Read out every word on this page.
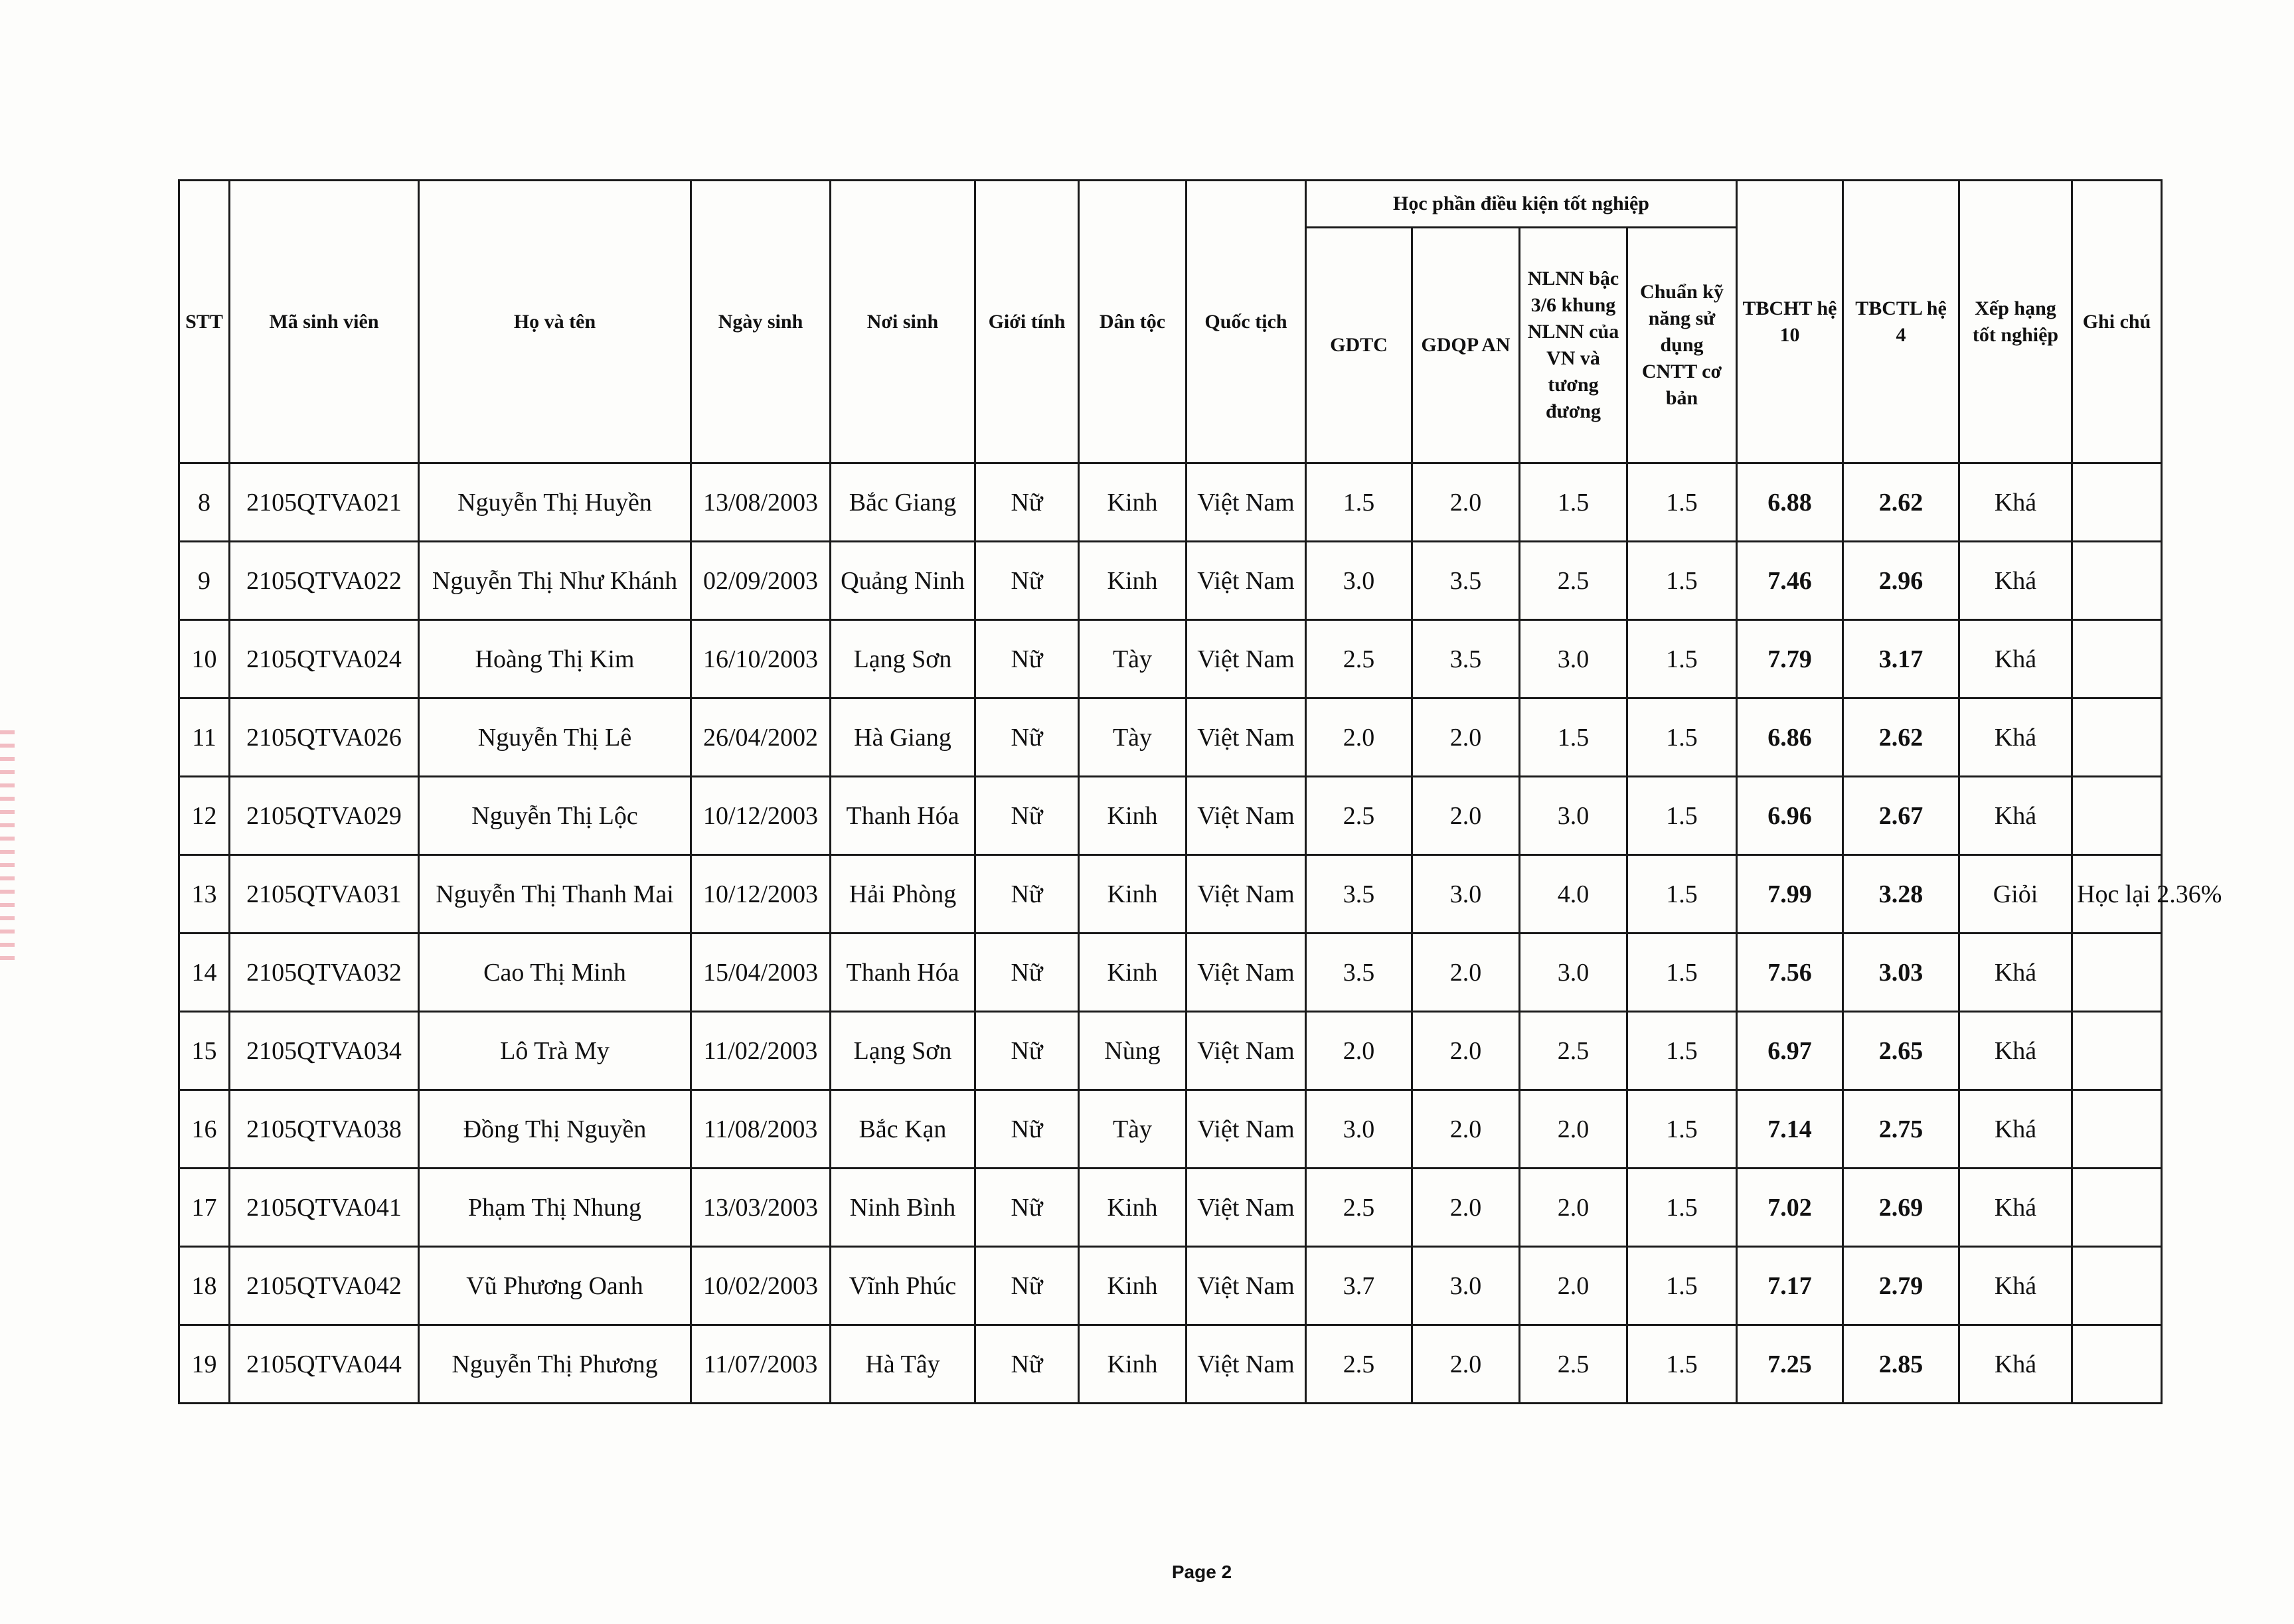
STT	Mã sinh viên	Họ và tên	Ngày sinh	Nơi sinh	Giới tính	Dân tộc	Quốc tịch	Học phần điều kiện tốt nghiệp				TBCHT hệ 10	TBCTL hệ 4	Xếp hạng tốt nghiệp	Ghi chú
								GDTC	GDQP AN	NLNN bậc 3/6 khung NLNN của VN và tương đương	Chuẩn kỹ năng sử dụng CNTT cơ bản				
8	2105QTVA021	Nguyễn Thị Huyền	13/08/2003	Bắc Giang	Nữ	Kinh	Việt Nam	1.5	2.0	1.5	1.5	6.88	2.62	Khá	
9	2105QTVA022	Nguyễn Thị Như Khánh	02/09/2003	Quảng Ninh	Nữ	Kinh	Việt Nam	3.0	3.5	2.5	1.5	7.46	2.96	Khá	
10	2105QTVA024	Hoàng Thị Kim	16/10/2003	Lạng Sơn	Nữ	Tày	Việt Nam	2.5	3.5	3.0	1.5	7.79	3.17	Khá	
11	2105QTVA026	Nguyễn Thị Lê	26/04/2002	Hà Giang	Nữ	Tày	Việt Nam	2.0	2.0	1.5	1.5	6.86	2.62	Khá	
12	2105QTVA029	Nguyễn Thị Lộc	10/12/2003	Thanh Hóa	Nữ	Kinh	Việt Nam	2.5	2.0	3.0	1.5	6.96	2.67	Khá	
13	2105QTVA031	Nguyễn Thị Thanh Mai	10/12/2003	Hải Phòng	Nữ	Kinh	Việt Nam	3.5	3.0	4.0	1.5	7.99	3.28	Giỏi	Học lại 2.36%
14	2105QTVA032	Cao Thị Minh	15/04/2003	Thanh Hóa	Nữ	Kinh	Việt Nam	3.5	2.0	3.0	1.5	7.56	3.03	Khá	
15	2105QTVA034	Lô Trà My	11/02/2003	Lạng Sơn	Nữ	Nùng	Việt Nam	2.0	2.0	2.5	1.5	6.97	2.65	Khá	
16	2105QTVA038	Đồng Thị Nguyền	11/08/2003	Bắc Kạn	Nữ	Tày	Việt Nam	3.0	2.0	2.0	1.5	7.14	2.75	Khá	
17	2105QTVA041	Phạm Thị Nhung	13/03/2003	Ninh Bình	Nữ	Kinh	Việt Nam	2.5	2.0	2.0	1.5	7.02	2.69	Khá	
18	2105QTVA042	Vũ Phương Oanh	10/02/2003	Vĩnh Phúc	Nữ	Kinh	Việt Nam	3.7	3.0	2.0	1.5	7.17	2.79	Khá	
19	2105QTVA044	Nguyễn Thị Phương	11/07/2003	Hà Tây	Nữ	Kinh	Việt Nam	2.5	2.0	2.5	1.5	7.25	2.85	Khá	
Page 2
